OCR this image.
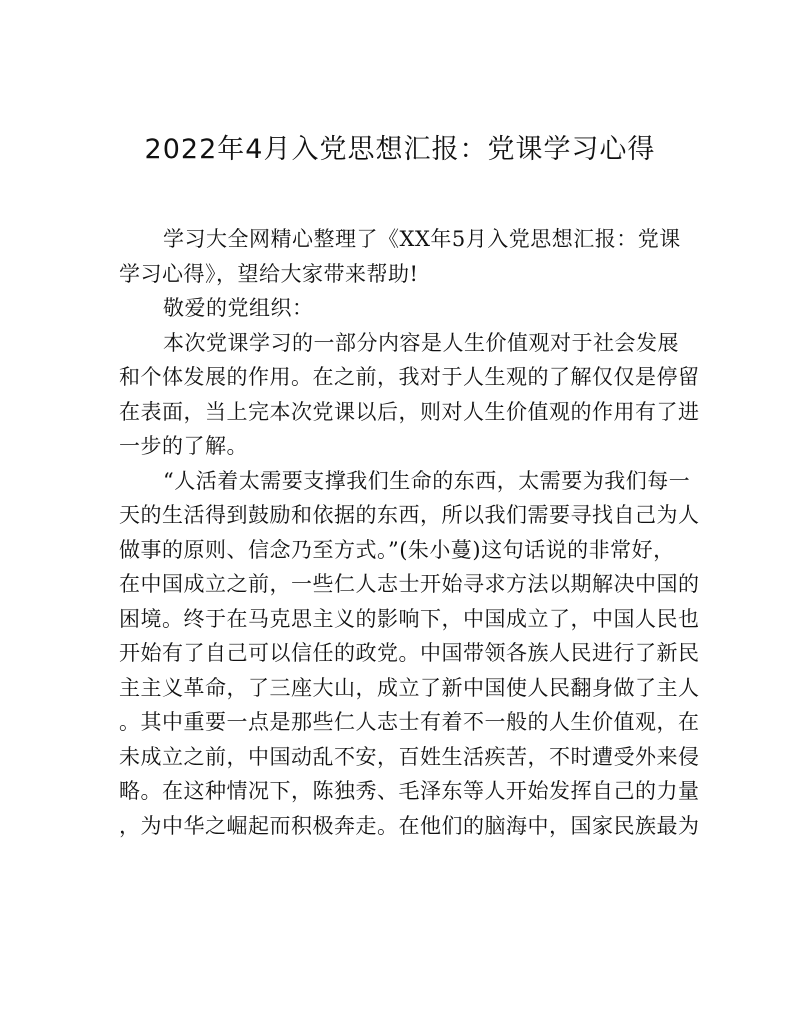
2022年4月入党思想汇报：党课学习心得
学习大全网精心整理了《XX年5月入党思想汇报：党课
学习心得》，望给大家带来帮助!
敬爱的党组织：
本次党课学习的一部分内容是人生价值观对于社会发展
和个体发展的作用。在之前，我对于人生观的了解仅仅是停留
在表面，当上完本次党课以后，则对人生价值观的作用有了进
一步的了解。
“人活着太需要支撑我们生命的东西，太需要为我们每一
天的生活得到鼓励和依据的东西，所以我们需要寻找自己为人
做事的原则、信念乃至方式。”(朱小蔓)这句话说的非常好，
在中国成立之前，一些仁人志士开始寻求方法以期解决中国的
困境。终于在马克思主义的影响下，中国成立了，中国人民也
开始有了自己可以信任的政党。中国带领各族人民进行了新民
主主义革命，了三座大山，成立了新中国使人民翻身做了主人
。其中重要一点是那些仁人志士有着不一般的人生价值观，在
未成立之前，中国动乱不安，百姓生活疾苦，不时遭受外来侵
略。在这种情况下，陈独秀、毛泽东等人开始发挥自己的力量
，为中华之崛起而积极奔走。在他们的脑海中，国家民族最为
